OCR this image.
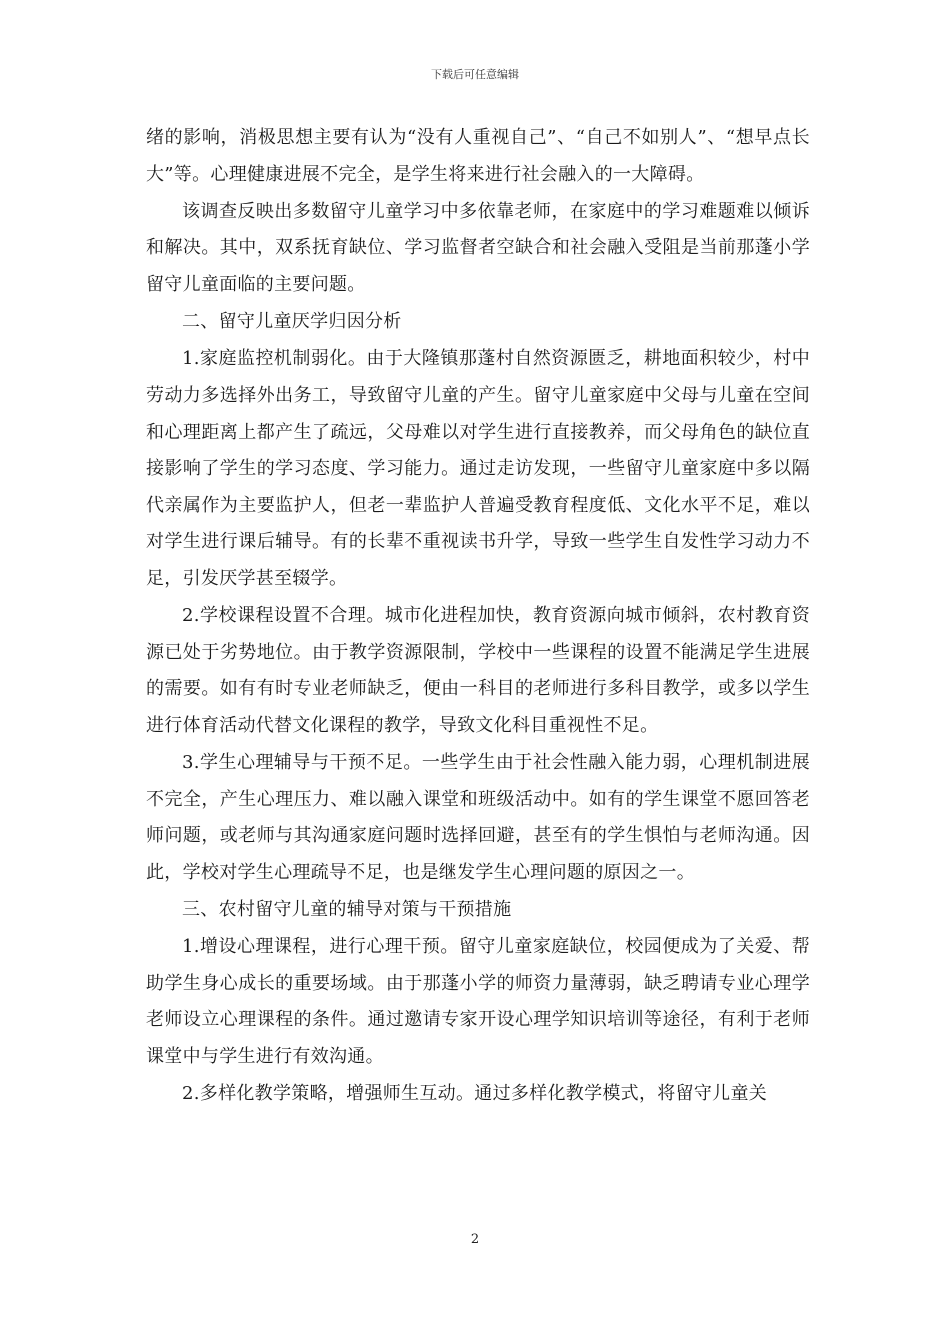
下载后可任意编辑

绪的影响，消极思想主要有认为“没有人重视自己”、“自己不如别人”、“想早点长大”等。心理健康进展不完全，是学生将来进行社会融入的一大障碍。

该调查反映出多数留守儿童学习中多依靠老师，在家庭中的学习难题难以倾诉和解决。其中，双系抚育缺位、学习监督者空缺合和社会融入受阻是当前那蓬小学留守儿童面临的主要问题。

二、留守儿童厌学归因分析

1.家庭监控机制弱化。由于大隆镇那蓬村自然资源匮乏，耕地面积较少，村中劳动力多选择外出务工，导致留守儿童的产生。留守儿童家庭中父母与儿童在空间和心理距离上都产生了疏远，父母难以对学生进行直接教养，而父母角色的缺位直接影响了学生的学习态度、学习能力。通过走访发现，一些留守儿童家庭中多以隔代亲属作为主要监护人，但老一辈监护人普遍受教育程度低、文化水平不足，难以对学生进行课后辅导。有的长辈不重视读书升学，导致一些学生自发性学习动力不足，引发厌学甚至辍学。

2.学校课程设置不合理。城市化进程加快，教育资源向城市倾斜，农村教育资源已处于劣势地位。由于教学资源限制，学校中一些课程的设置不能满足学生进展的需要。如有有时专业老师缺乏，便由一科目的老师进行多科目教学，或多以学生进行体育活动代替文化课程的教学，导致文化科目重视性不足。

3.学生心理辅导与干预不足。一些学生由于社会性融入能力弱，心理机制进展不完全，产生心理压力、难以融入课堂和班级活动中。如有的学生课堂不愿回答老师问题，或老师与其沟通家庭问题时选择回避，甚至有的学生惧怕与老师沟通。因此，学校对学生心理疏导不足，也是继发学生心理问题的原因之一。

三、农村留守儿童的辅导对策与干预措施

1.增设心理课程，进行心理干预。留守儿童家庭缺位，校园便成为了关爱、帮助学生身心成长的重要场域。由于那蓬小学的师资力量薄弱，缺乏聘请专业心理学老师设立心理课程的条件。通过邀请专家开设心理学知识培训等途径，有利于老师课堂中与学生进行有效沟通。

2.多样化教学策略，增强师生互动。通过多样化教学模式，将留守儿童关

2
